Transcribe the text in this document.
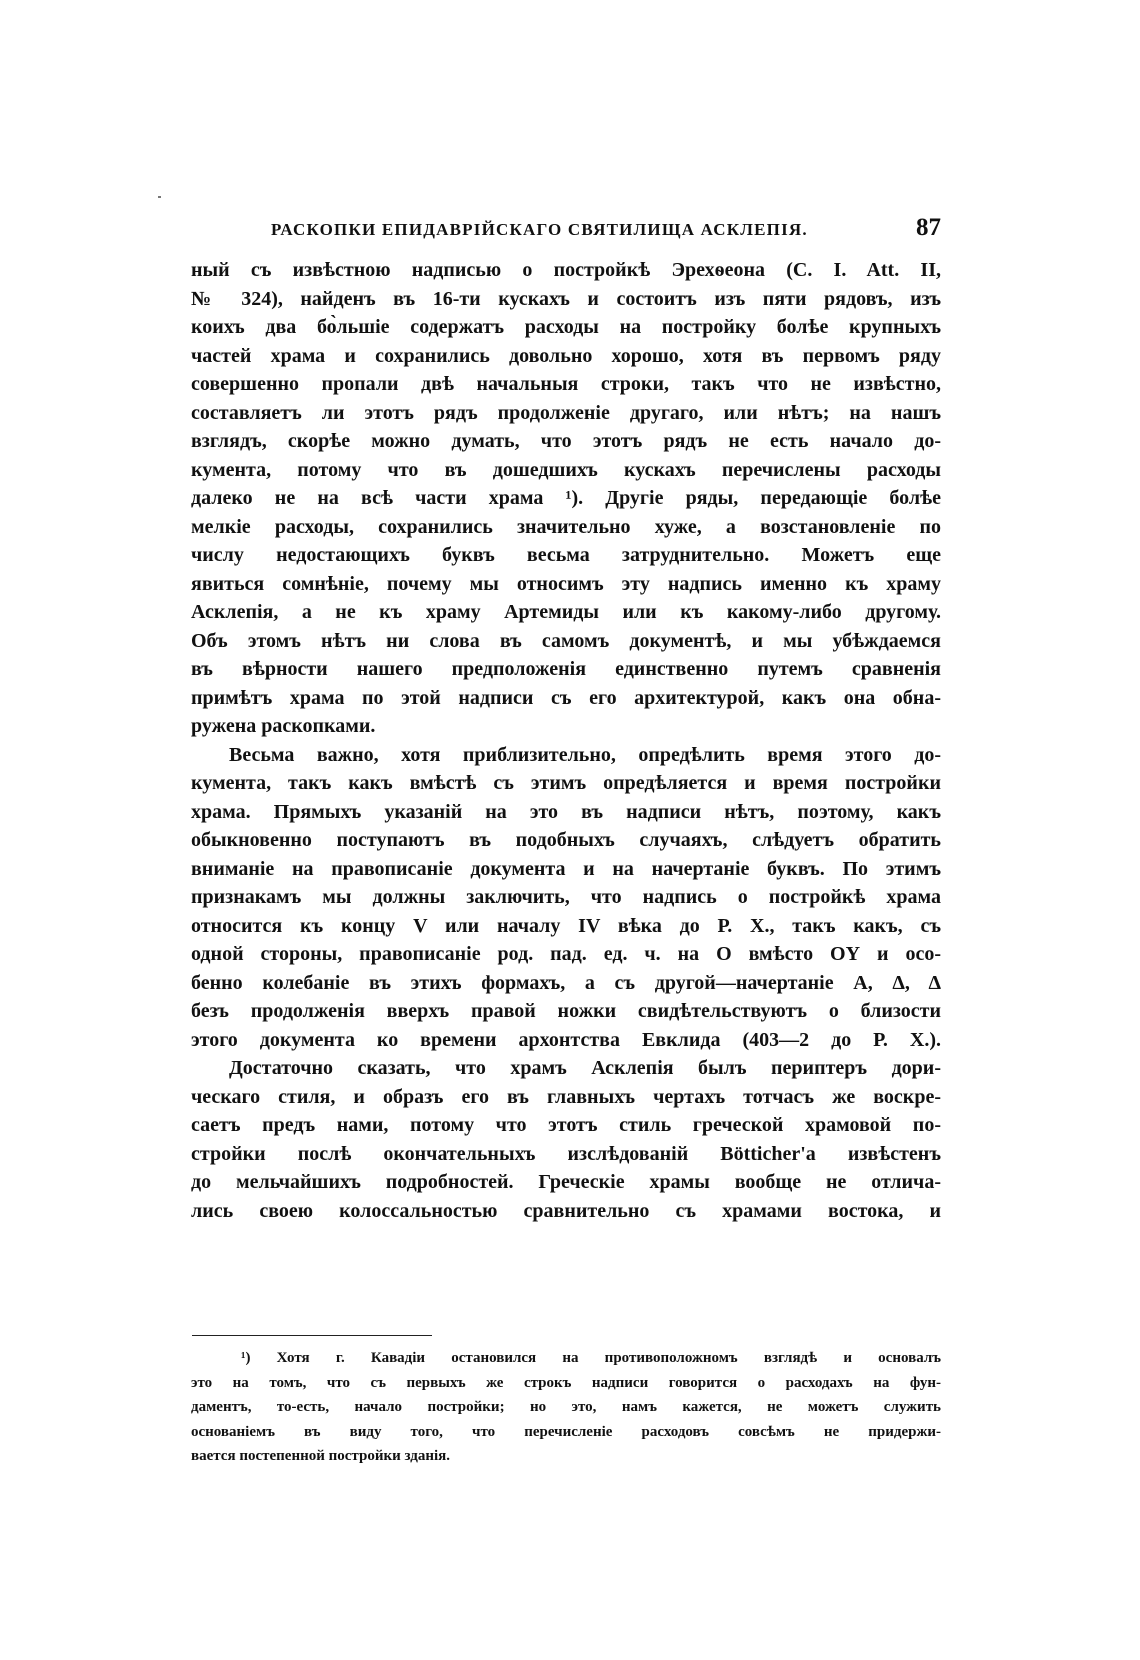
РАСКОПКИ ЕПИДАВРІЙСКАГО СВЯТИЛИЩА АСКЛЕПІЯ.	87
ный съ извѣстною надписью о постройкѣ Эрехѳеона (C. I. Att. II,
№ 324), найденъ въ 16-ти кускахъ и состоитъ изъ пяти рядовъ, изъ
коихъ два бо̀льшіе содержатъ расходы на постройку болѣе крупныхъ
частей храма и сохранились довольно хорошо, хотя въ первомъ ряду
совершенно пропали двѣ начальныя строки, такъ что не извѣстно,
составляетъ ли этотъ рядъ продолженіе другаго, или нѣтъ; на нашъ
взглядъ, скорѣе можно думать, что этотъ рядъ не есть начало до-
кумента, потому что въ дошедшихъ кускахъ перечислены расходы
далеко не на всѣ части храма ¹). Другіе ряды, передающіе болѣе
мелкіе расходы, сохранились значительно хуже, а возстановленіе по
числу недостающихъ буквъ весьма затруднительно. Можетъ еще
явиться сомнѣніе, почему мы относимъ эту надпись именно къ храму
Асклепія, а не къ храму Артемиды или къ какому-либо другому.
Объ этомъ нѣтъ ни слова въ самомъ документѣ, и мы убѣждаемся
въ вѣрности нашего предположенія единственно путемъ сравненія
примѣтъ храма по этой надписи съ его архитектурой, какъ она обна-
ружена раскопками.
Весьма важно, хотя приблизительно, опредѣлить время этого до-
кумента, такъ какъ вмѣстѣ съ этимъ опредѣляется и время постройки
храма. Прямыхъ указаній на это въ надписи нѣтъ, поэтому, какъ
обыкновенно поступаютъ въ подобныхъ случаяхъ, слѣдуетъ обратить
вниманіе на правописаніе документа и на начертаніе буквъ. По этимъ
признакамъ мы должны заключить, что надпись о постройкѣ храма
относится къ концу V или началу IV вѣка до Р. Х., такъ какъ, съ
одной стороны, правописаніе род. пад. ед. ч. на О вмѣсто ОΥ и осо-
бенно колебаніе въ этихъ формахъ, а съ другой—начертаніе А, Δ, Δ
безъ продолженія вверхъ правой ножки свидѣтельствуютъ о близости
этого документа ко времени архонтства Евклида (403—2 до Р. Х.).
Достаточно сказать, что храмъ Асклепія былъ периптеръ дори-
ческаго стиля, и образъ его въ главныхъ чертахъ тотчасъ же воскре-
саетъ предъ нами, потому что этотъ стиль греческой храмовой по-
стройки послѣ окончательныхъ изслѣдованій Bötticher'а извѣстенъ
до мельчайшихъ подробностей. Греческіе храмы вообще не отлича-
лись своею колоссальностью сравнительно съ храмами востока, и
¹) Хотя г. Кавадіи остановился на противоположномъ взглядѣ и основалъ
это на томъ, что съ первыхъ же строкъ надписи говорится о расходахъ на фун-
даментъ, то-есть, начало постройки; но это, намъ кажется, не можетъ служить
основаніемъ въ виду того, что перечисленіе расходовъ совсѣмъ не придержи-
вается постепенной постройки зданія.
